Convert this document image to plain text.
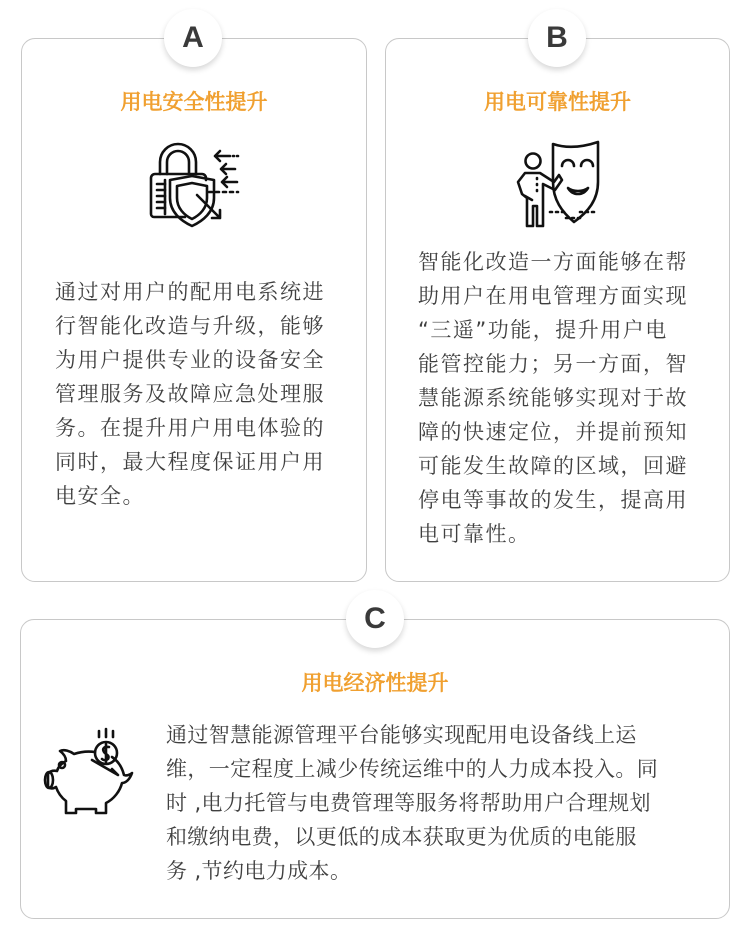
A
用电安全性提升
通过对用户的配用电系统进
行智能化改造与升级，能够
为用户提供专业的设备安全
管理服务及故障应急处理服
务。在提升用户用电体验的
同时，最大程度保证用户用
电安全。
B
用电可靠性提升
智能化改造一方面能够在帮
助用户在用电管理方面实现
“三遥”功能，提升用户电
能管控能力；另一方面，智
慧能源系统能够实现对于故
障的快速定位，并提前预知
可能发生故障的区域，回避
停电等事故的发生，提高用
电可靠性。
C
用电经济性提升
通过智慧能源管理平台能够实现配用电设备线上运
维，一定程度上减少传统运维中的人力成本投入。同
时 ,电力托管与电费管理等服务将帮助用户合理规划
和缴纳电费，以更低的成本获取更为优质的电能服
务 ,节约电力成本。
